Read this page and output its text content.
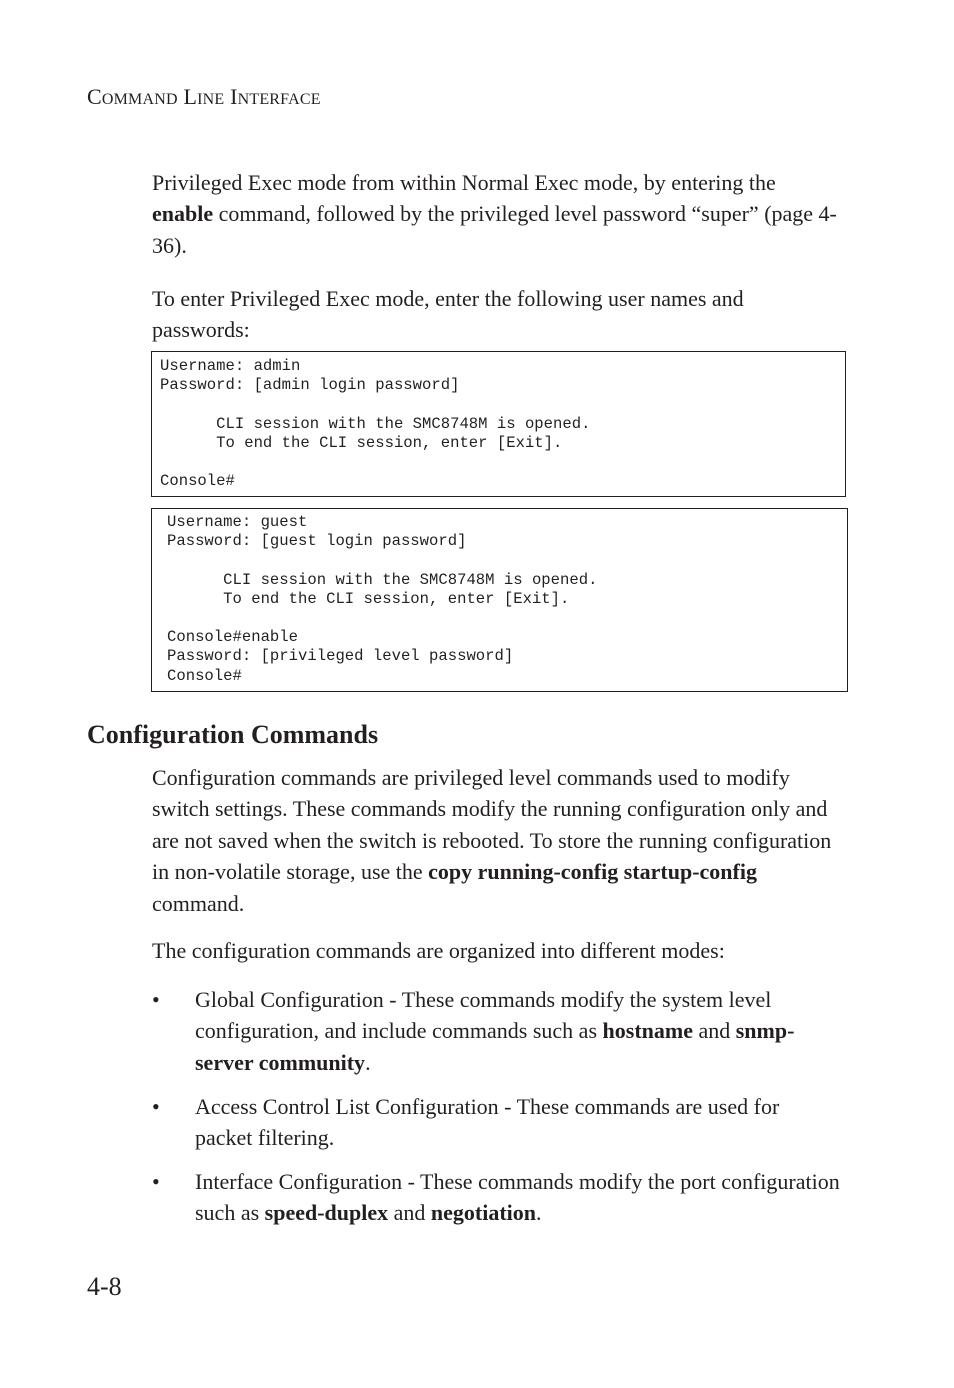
COMMAND LINE INTERFACE

Privileged Exec mode from within Normal Exec mode, by entering the enable command, followed by the privileged level password “super” (page 4-36).

To enter Privileged Exec mode, enter the following user names and passwords:

Username: admin
Password: [admin login password]
CLI session with the SMC8748M is opened.
To end the CLI session, enter [Exit].
Console#
Username: guest
Password: [guest login password]
CLI session with the SMC8748M is opened.
To end the CLI session, enter [Exit].
Console#enable
Password: [privileged level password]
Console#
Configuration Commands

Configuration commands are privileged level commands used to modify switch settings. These commands modify the running configuration only and are not saved when the switch is rebooted. To store the running configuration in non-volatile storage, use the copy running-config startup-config command.

The configuration commands are organized into different modes:

• Global Configuration - These commands modify the system level configuration, and include commands such as hostname and snmp-server community.
• Access Control List Configuration - These commands are used for packet filtering.
• Interface Configuration - These commands modify the port configuration such as speed-duplex and negotiation.

4-8
